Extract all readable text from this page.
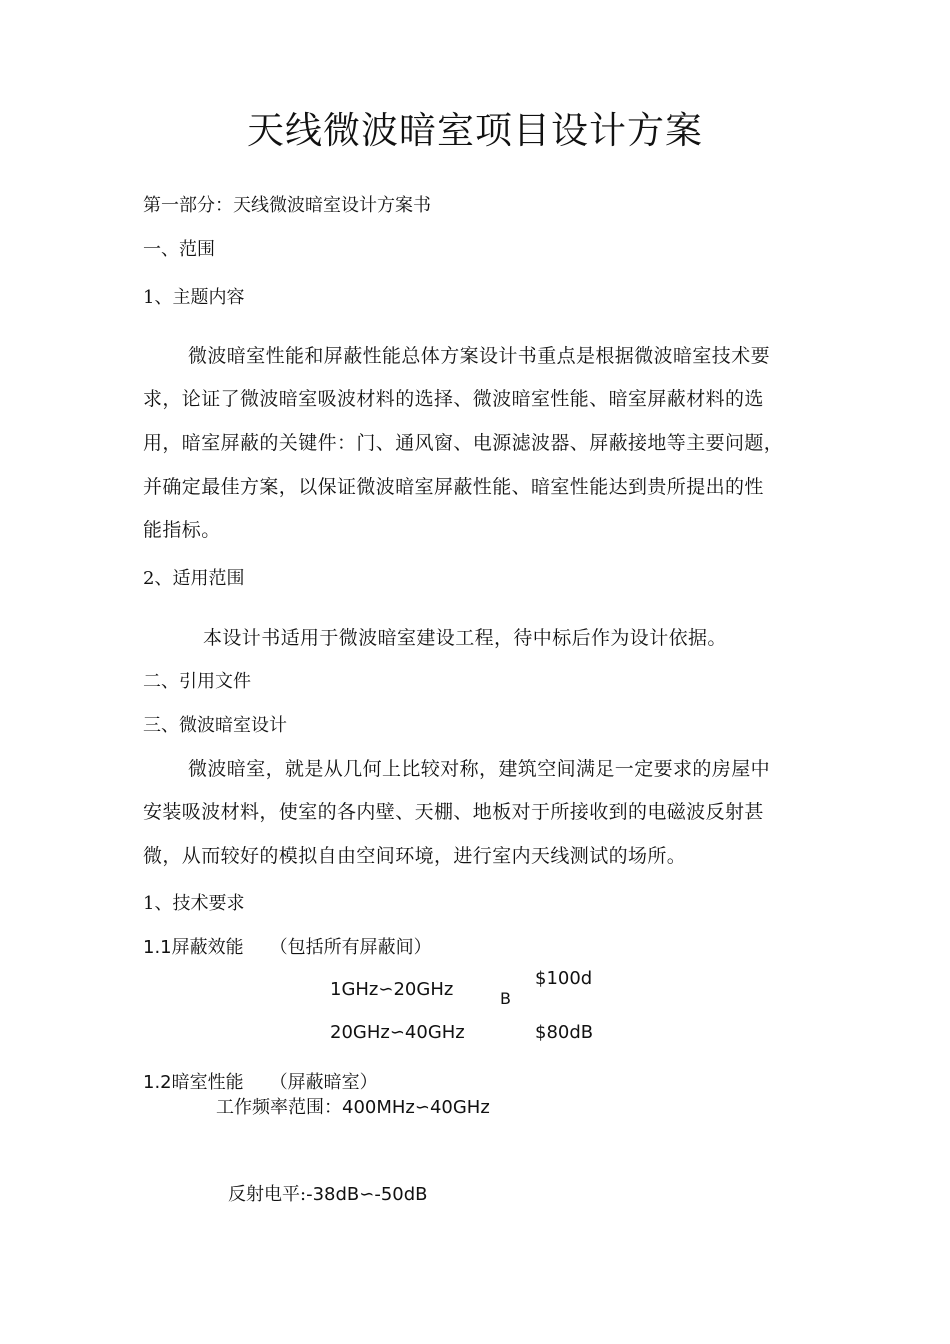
天线微波暗室项目设计方案
第一部分：天线微波暗室设计方案书
一、范围
1、主题内容
微波暗室性能和屏蔽性能总体方案设计书重点是根据微波暗室技术要
求，论证了微波暗室吸波材料的选择、微波暗室性能、暗室屏蔽材料的选
用，暗室屏蔽的关键件：门、通风窗、电源滤波器、屏蔽接地等主要问题，
并确定最佳方案，以保证微波暗室屏蔽性能、暗室性能达到贵所提出的性
能指标。
2、适用范围
本设计书适用于微波暗室建设工程，待中标后作为设计依据。
二、引用文件
三、微波暗室设计
微波暗室，就是从几何上比较对称，建筑空间满足一定要求的房屋中
安装吸波材料，使室的各内壁、天棚、地板对于所接收到的电磁波反射甚
微，从而较好的模拟自由空间环境，进行室内天线测试的场所。
1、技术要求
1.1屏蔽效能 （包括所有屏蔽间）
1GHz∽20GHz
$100d
B
20GHz∽40GHz	$80dB
1.2暗室性能 （屏蔽暗室）
工作频率范围：400MHz∽40GHz
反射电平:-38dB∽-50dB
